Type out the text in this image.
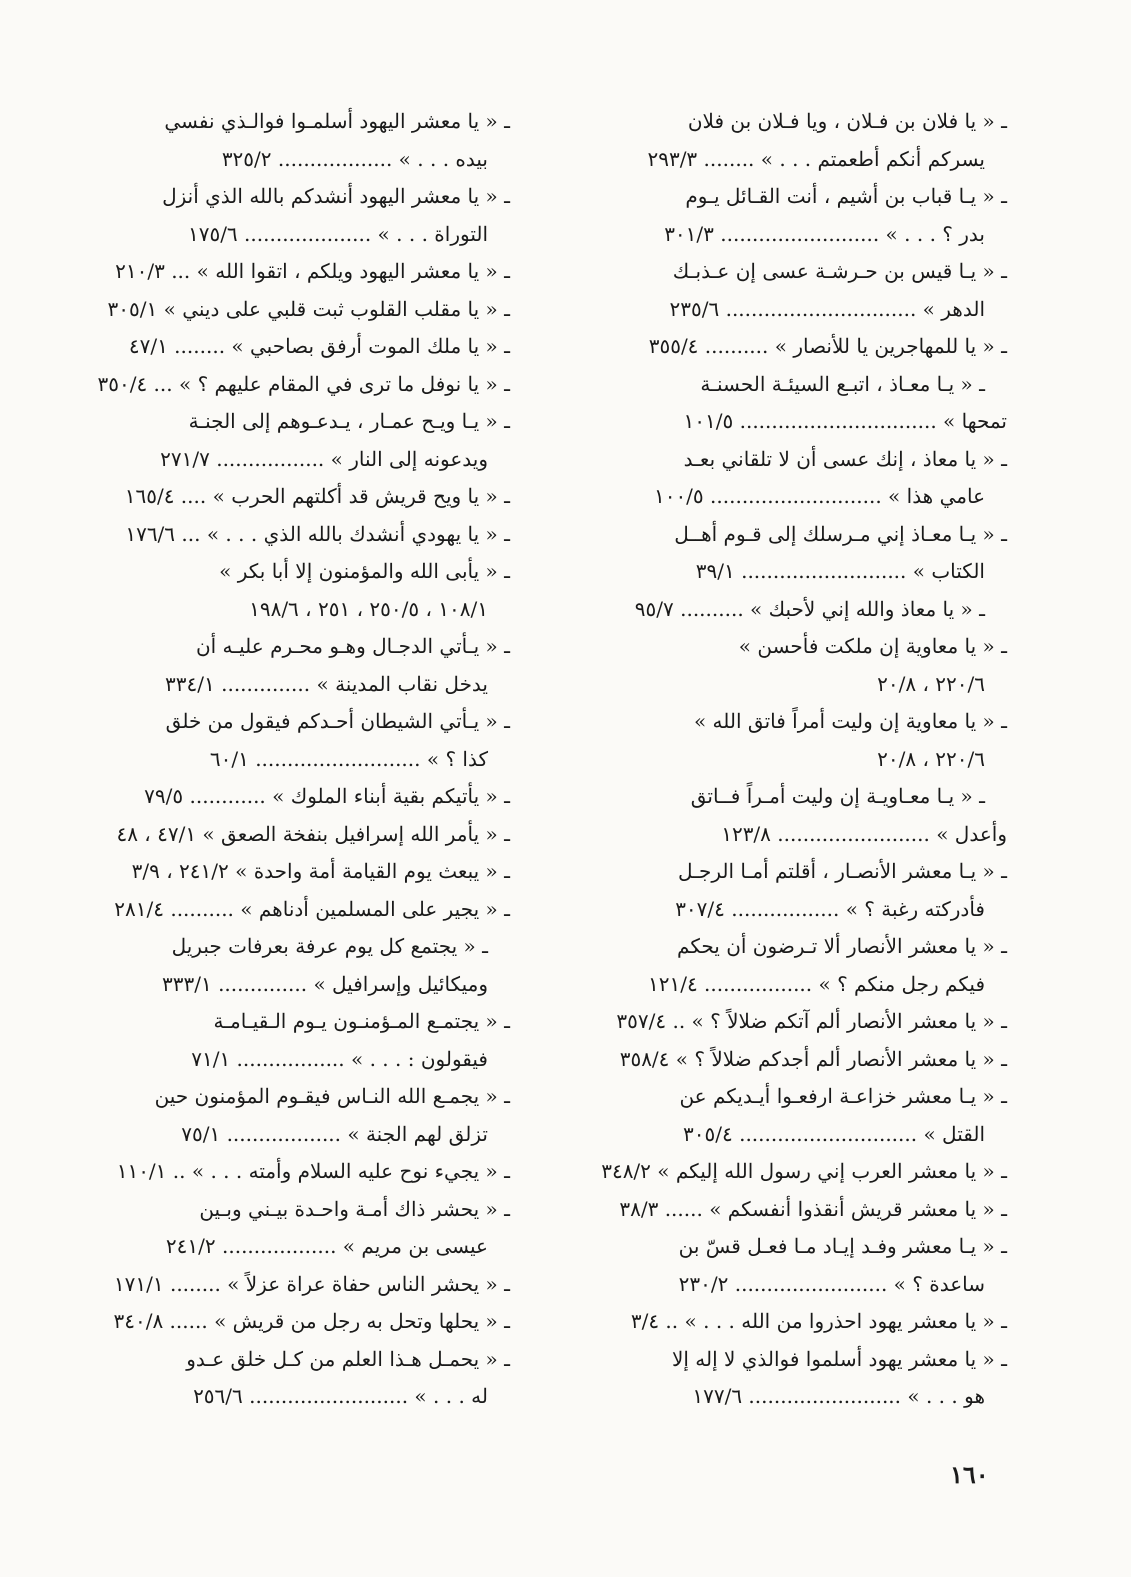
ـ « يا فلان بن فـلان ، ويا فـلان بن فلان
يسركم أنكم أطعمتم . . . » ........ ٢٩٣/٣
ـ « يـا قباب بن أشيم ، أنت القـائل يـوم
بدر ؟ . . . » ......................... ٣٠١/٣
ـ « يـا قيس بن حـرشـة عسى إن عـذبـك
الدهر » .............................. ٢٣٥/٦
ـ « يا للمهاجرين يا للأنصار » .......... ٣٥٥/٤
ـ « يـا معـاذ ، اتبـع السيئـة الحسنـة
تمحها » ............................... ١٠١/٥
ـ « يا معاذ ، إنك عسى أن لا تلقاني بعـد
عامي هذا » ........................... ١٠٠/٥
ـ « يـا معـاذ إني مـرسلك إلى قـوم أهــل
الكتاب » .......................... ٣٩/١
ـ « يا معاذ والله إني لأحبك » .......... ٩٥/٧
ـ « يا معاوية إن ملكت فأحسن »
٢٢٠/٦ ، ٢٠/٨
ـ « يا معاوية إن وليت أمراً فاتق الله »
٢٢٠/٦ ، ٢٠/٨
ـ « يـا معـاويـة إن وليت أمـراً فــاتق
وأعدل » ........................ ١٢٣/٨
ـ « يـا معشر الأنصـار ، أقلتم أمـا الرجـل
فأدركته رغبة ؟ » ................. ٣٠٧/٤
ـ « يا معشر الأنصار ألا تـرضون أن يحكم
فيكم رجل منكم ؟ » ................. ١٢١/٤
ـ « يا معشر الأنصار ألم آتكم ضلالاً ؟ » .. ٣٥٧/٤
ـ « يا معشر الأنصار ألم أجدكم ضلالاً ؟ » ٣٥٨/٤
ـ « يـا معشر خزاعـة ارفعـوا أيـديكم عن
القتل » ............................ ٣٠٥/٤
ـ « يا معشر العرب إني رسول الله إليكم » ٣٤٨/٢
ـ « يا معشر قريش أنقذوا أنفسكم » ...... ٣٨/٣
ـ « يـا معشر وفـد إيـاد مـا فعـل قسّ بن
ساعدة ؟ » ........................ ٢٣٠/٢
ـ « يا معشر يهود احذروا من الله . . . » .. ٣/٤
ـ « يا معشر يهود أسلموا فوالذي لا إله إلا
هو . . . » ........................ ١٧٧/٦
ـ « يا معشر اليهود أسلمـوا فوالـذي نفسي
بيده . . . » .................. ٣٢٥/٢
ـ « يا معشر اليهود أنشدكم بالله الذي أنزل
التوراة . . . » .................... ١٧٥/٦
ـ « يا معشر اليهود ويلكم ، اتقوا الله » ... ٢١٠/٣
ـ « يا مقلب القلوب ثبت قلبي على ديني » ٣٠٥/١
ـ « يا ملك الموت أرفق بصاحبي » ........ ٤٧/١
ـ « يا نوفل ما ترى في المقام عليهم ؟ » ... ٣٥٠/٤
ـ « يـا ويـح عمـار ، يـدعـوهم إلى الجنـة
ويدعونه إلى النار » ................. ٢٧١/٧
ـ « يا ويح قريش قد أكلتهم الحرب » .... ١٦٥/٤
ـ « يا يهودي أنشدك بالله الذي . . . » ... ١٧٦/٦
ـ « يأبى الله والمؤمنون إلا أبا بكر »
١٠٨/١ ، ٢٥٠/٥ ، ٢٥١ ، ١٩٨/٦
ـ « يـأتي الدجـال وهـو محـرم عليـه أن
يدخل نقاب المدينة » .............. ٣٣٤/١
ـ « يـأتي الشيطان أحـدكم فيقول من خلق
كذا ؟ » .......................... ٦٠/١
ـ « يأتيكم بقية أبناء الملوك » ............ ٧٩/٥
ـ « يأمر الله إسرافيل بنفخة الصعق » ٤٧/١ ، ٤٨
ـ « يبعث يوم القيامة أمة واحدة » ٢٤١/٢ ، ٣/٩
ـ « يجير على المسلمين أدناهم » .......... ٢٨١/٤
ـ « يجتمع كل يوم عرفة بعرفات جبريل
وميكائيل وإسرافيل » .............. ٣٣٣/١
ـ « يجتمـع المـؤمنـون يـوم الـقيـامـة
فيقولون : . . . » ................. ٧١/١
ـ « يجمـع الله النـاس فيقـوم المؤمنون حين
تزلق لهم الجنة » .................. ٧٥/١
ـ « يجيء نوح عليه السلام وأمته . . . » .. ١١٠/١
ـ « يحشر ذاك أمـة واحـدة بيـني وبـين
عيسى بن مريم » .................. ٢٤١/٢
ـ « يحشر الناس حفاة عراة عزلاً » ........ ١٧١/١
ـ « يحلها وتحل به رجل من قريش » ...... ٣٤٠/٨
ـ « يحمـل هـذا العلم من كـل خلق عـدو
له . . . » ......................... ٢٥٦/٦
١٦٠
